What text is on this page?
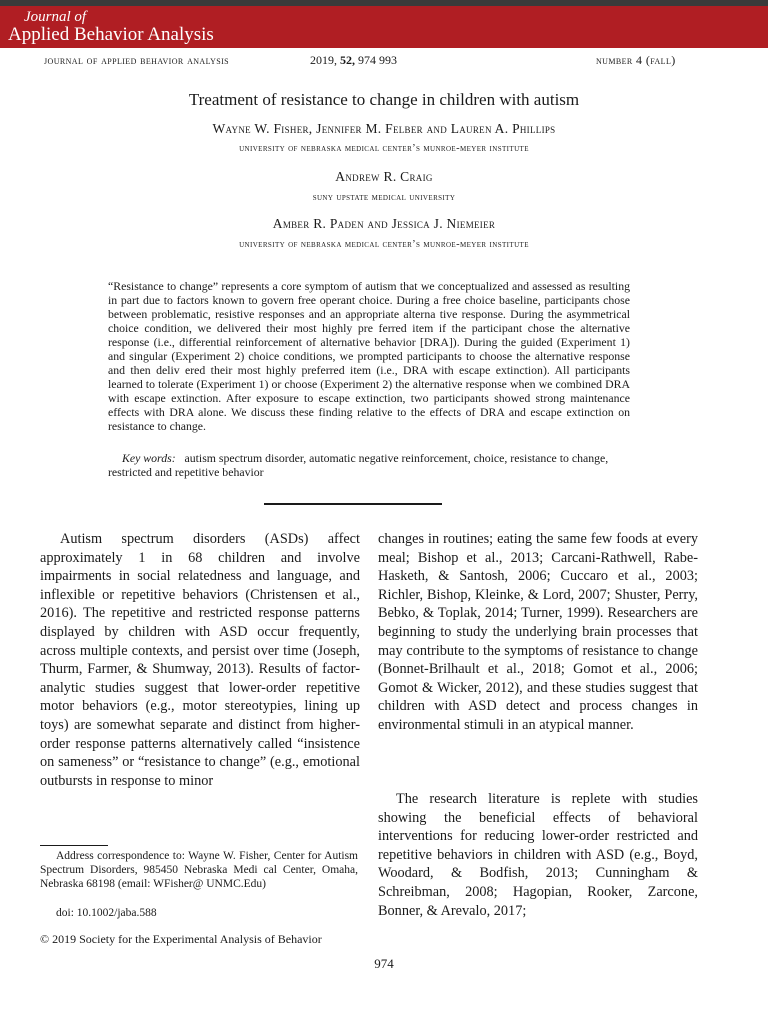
Journal of
Applied Behavior Analysis
journal of applied behavior analysis	2019, 52, 974 993	number 4 (fall)
Treatment of resistance to change in children with autism
Wayne W. Fisher, Jennifer M. Felber and Lauren A. Phillips
university of nebraska medical center’s munroe-meyer institute
Andrew R. Craig
suny upstate medical university
Amber R. Paden and Jessica J. Niemeier
university of nebraska medical center’s munroe-meyer institute

“Resistance to change” represents a core symptom of autism that we conceptualized and assessed as resulting in part due to factors known to govern free operant choice. During a free choice baseline, participants chose between problematic, resistive responses and an appropriate alterna tive response. During the asymmetrical choice condition, we delivered their most highly pre ferred item if the participant chose the alternative response (i.e., differential reinforcement of alternative behavior [DRA]). During the guided (Experiment 1) and singular (Experiment 2) choice conditions, we prompted participants to choose the alternative response and then deliv ered their most highly preferred item (i.e., DRA with escape extinction). All participants learned to tolerate (Experiment 1) or choose (Experiment 2) the alternative response when we combined DRA with escape extinction. After exposure to escape extinction, two participants showed strong maintenance effects with DRA alone. We discuss these finding relative to the effects of DRA and escape extinction on resistance to change.

Key words: autism spectrum disorder, automatic negative reinforcement, choice, resistance to change, restricted and repetitive behavior

Autism spectrum disorders (ASDs) affect approximately 1 in 68 children and involve impairments in social relatedness and language, and inflexible or repetitive behaviors (Christensen et al., 2016). The repetitive and restricted response patterns displayed by children with ASD occur frequently, across multiple contexts, and persist over time (Joseph, Thurm, Farmer, & Shumway, 2013). Results of factor-analytic studies suggest that lower-order repetitive motor behaviors (e.g., motor stereotypies, lining up toys) are somewhat separate and distinct from higher-order response patterns alternatively called “insistence on sameness” or “resistance to change” (e.g., emotional outbursts in response to minor

changes in routines; eating the same few foods at every meal; Bishop et al., 2013; Carcani-Rathwell, Rabe-Hasketh, & Santosh, 2006; Cuccaro et al., 2003; Richler, Bishop, Kleinke, & Lord, 2007; Shuster, Perry, Bebko, & Toplak, 2014; Turner, 1999). Researchers are beginning to study the underlying brain processes that may contribute to the symptoms of resistance to change (Bonnet-Brilhault et al., 2018; Gomot et al., 2006; Gomot & Wicker, 2012), and these studies suggest that children with ASD detect and process changes in environmental stimuli in an atypical manner.

The research literature is replete with studies showing the beneficial effects of behavioral interventions for reducing lower-order restricted and repetitive behaviors in children with ASD (e.g., Boyd, Woodard, & Bodfish, 2013; Cunningham & Schreibman, 2008; Hagopian, Rooker, Zarcone, Bonner, & Arevalo, 2017;

Address correspondence to: Wayne W. Fisher, Center for Autism Spectrum Disorders, 985450 Nebraska Medi cal Center, Omaha, Nebraska 68198 (email: WFisher@ UNMC.Edu)

doi: 10.1002/jaba.588
© 2019 Society for the Experimental Analysis of Behavior
974
